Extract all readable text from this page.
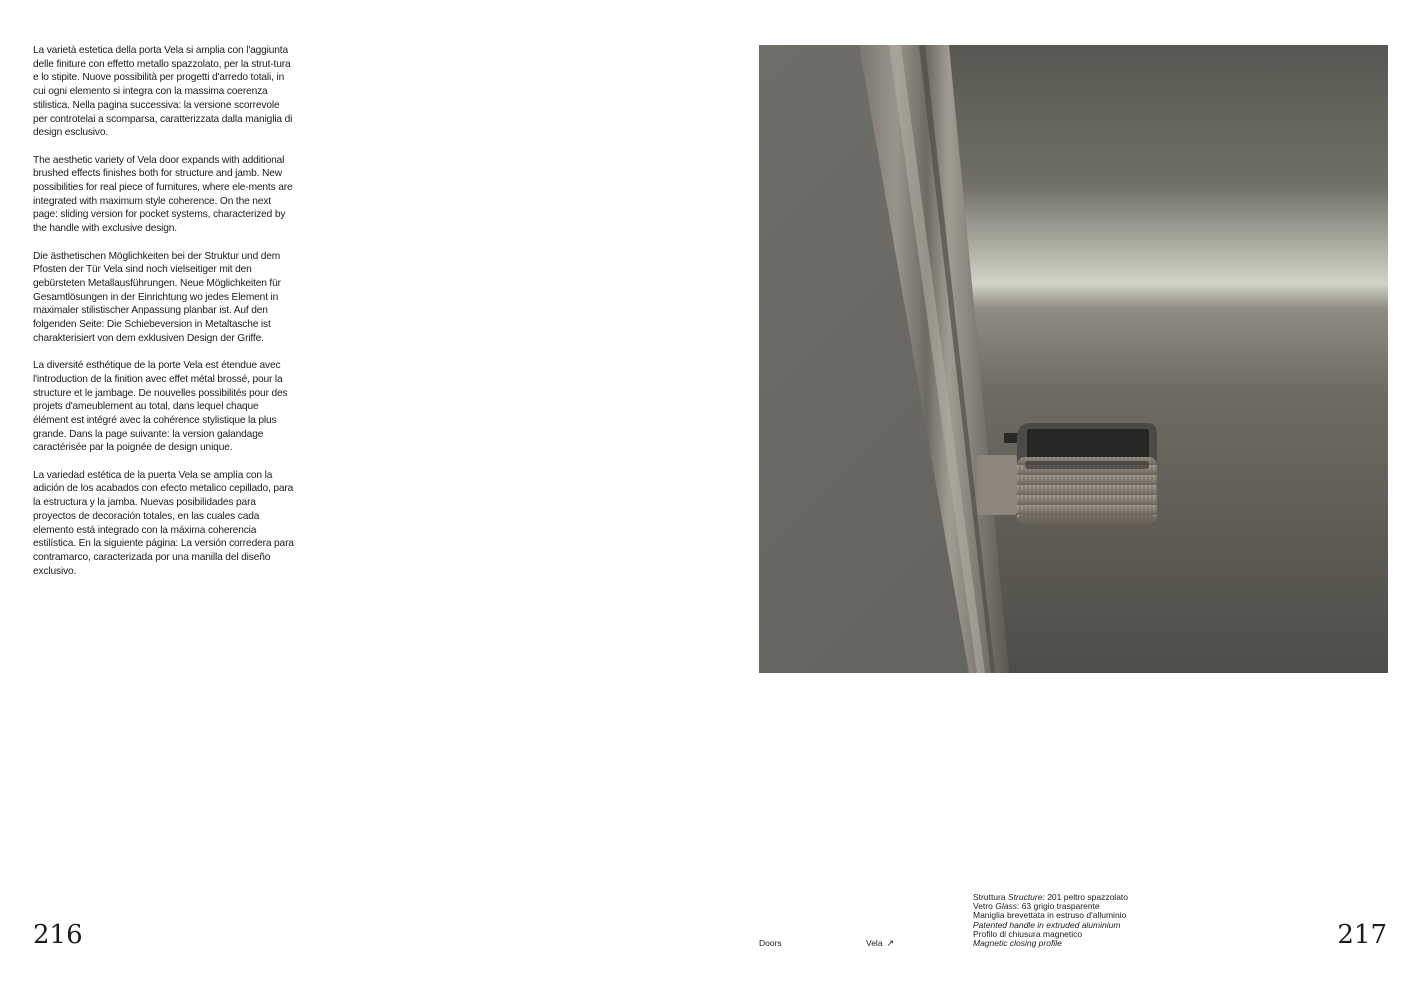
La varietà estetica della porta Vela si amplia con l'aggiunta delle finiture con effetto metallo spazzolato, per la strut-tura e lo stipite. Nuove possibilità per progetti d'arredo totali, in cui ogni elemento si integra con la massima coerenza stilistica. Nella pagina successiva: la versione scorrevole per controtelai a scomparsa, caratterizzata dalla maniglia di design esclusivo.

The aesthetic variety of Vela door expands with additional brushed effects finishes both for structure and jamb. New possibilities for real piece of furnitures, where ele-ments are integrated with maximum style coherence. On the next page: sliding version for pocket systems, characterized by the handle with exclusive design.

Die ästhetischen Möglichkeiten bei der Struktur und dem Pfosten der Tür Vela sind noch vielseitiger mit den gebürsteten Metallausführungen. Neue Möglichkeiten für Gesamtlösungen in der Einrichtung wo jedes Element in maximaler stilistischer Anpassung planbar ist. Auf den folgenden Seite: Die Schiebeversion in Metaltasche ist charakterisiert von dem exklusiven Design der Griffe.

La diversité esthétique de la porte Vela est étendue avec l'introduction de la finition avec effet métal brossé, pour la structure et le jambage. De nouvelles possibilités pour des projets d'ameublement au total, dans lequel chaque élément est intégré avec la cohérence stylistique la plus grande. Dans la page suivante: la version galandage caractérisée par la poignée de design unique.

La variedad estética de la puerta Vela se amplía con la adición de los acabados con efecto metalico cepillado, para la estructura y la jamba. Nuevas posibilidades para proyectos de decoración totales, en las cuales cada elemento está integrado con la máxima coherencia estilística. En la siguiente página: La versión corredera para contramarco, caracterizada por una manilla del diseño exclusivo.

216	217
Doors	Vela ↗
Struttura Structure: 201 peltro spazzolato
Vetro Glass: 63 grigio trasparente
Maniglia brevettata in estruso d'alluminio
Patented handle in extruded aluminium
Profilo di chiusura magnetico
Magnetic closing profile
